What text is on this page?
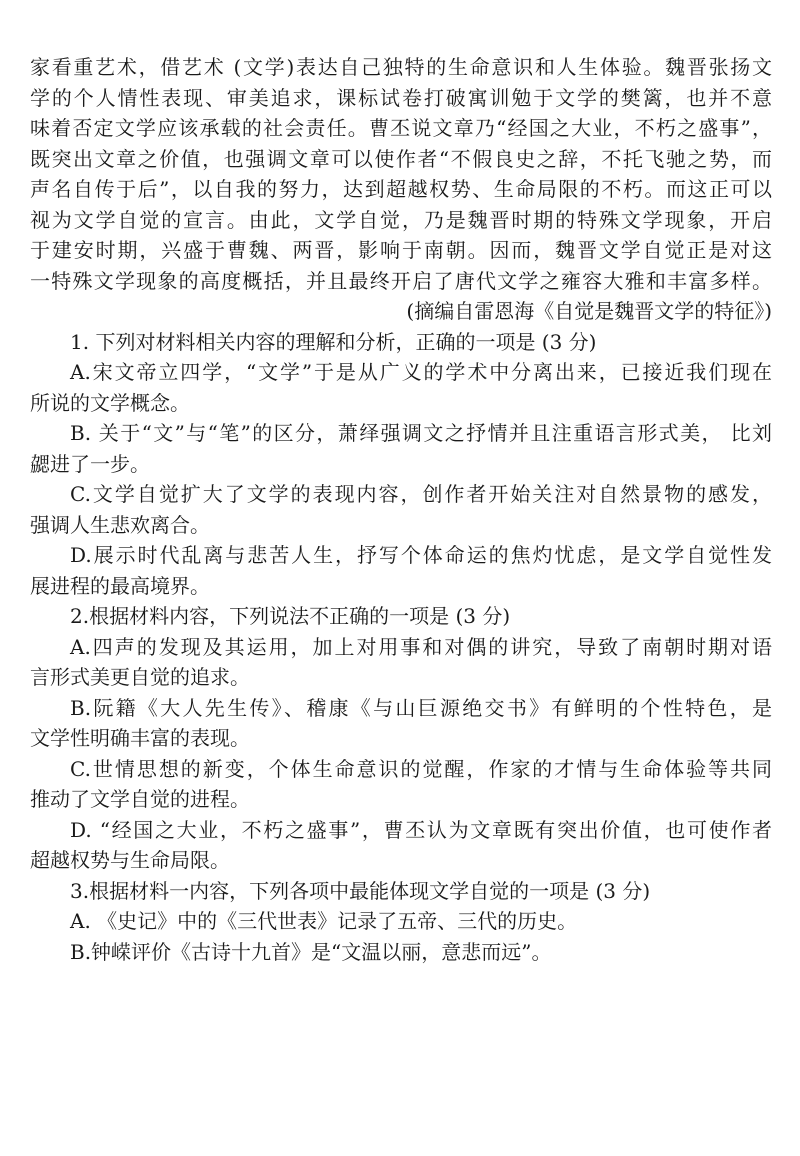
家看重艺术，借艺术 (文学)表达自己独特的生命意识和人生体验。魏晋张扬文
学的个人情性表现、审美追求，课标试卷打破寓训勉于文学的樊篱，也并不意
味着否定文学应该承载的社会责任。曹丕说文章乃“经国之大业，不朽之盛事”，
既突出文章之价值，也强调文章可以使作者“不假良史之辞，不托飞驰之势，而
声名自传于后”，以自我的努力，达到超越权势、生命局限的不朽。而这正可以
视为文学自觉的宣言。由此，文学自觉，乃是魏晋时期的特殊文学现象，开启
于建安时期，兴盛于曹魏、两晋，影响于南朝。因而，魏晋文学自觉正是对这
一特殊文学现象的高度概括，并且最终开启了唐代文学之雍容大雅和丰富多样。
(摘编自雷恩海《自觉是魏晋文学的特征》)
1. 下列对材料相关内容的理解和分析，正确的一项是 (3 分)
A.宋文帝立四学，“文学”于是从广义的学术中分离出来，已接近我们现在
所说的文学概念。
B. 关于“文”与“笔”的区分，萧绎强调文之抒情并且注重语言形式美， 比刘
勰进了一步。
C.文学自觉扩大了文学的表现内容，创作者开始关注对自然景物的感发，
强调人生悲欢离合。
D.展示时代乱离与悲苦人生，抒写个体命运的焦灼忧虑，是文学自觉性发
展进程的最高境界。
2.根据材料内容，下列说法不正确的一项是 (3 分)
A.四声的发现及其运用，加上对用事和对偶的讲究，导致了南朝时期对语
言形式美更自觉的追求。
B.阮籍《大人先生传》、稽康《与山巨源绝交书》有鲜明的个性特色，是
文学性明确丰富的表现。
C.世情思想的新变，个体生命意识的觉醒，作家的才情与生命体验等共同
推动了文学自觉的进程。
D. “经国之大业，不朽之盛事”，曹丕认为文章既有突出价值，也可使作者
超越权势与生命局限。
3.根据材料一内容，下列各项中最能体现文学自觉的一项是 (3 分)
A. 《史记》中的《三代世表》记录了五帝、三代的历史。
B.钟嵘评价《古诗十九首》是“文温以丽，意悲而远”。
